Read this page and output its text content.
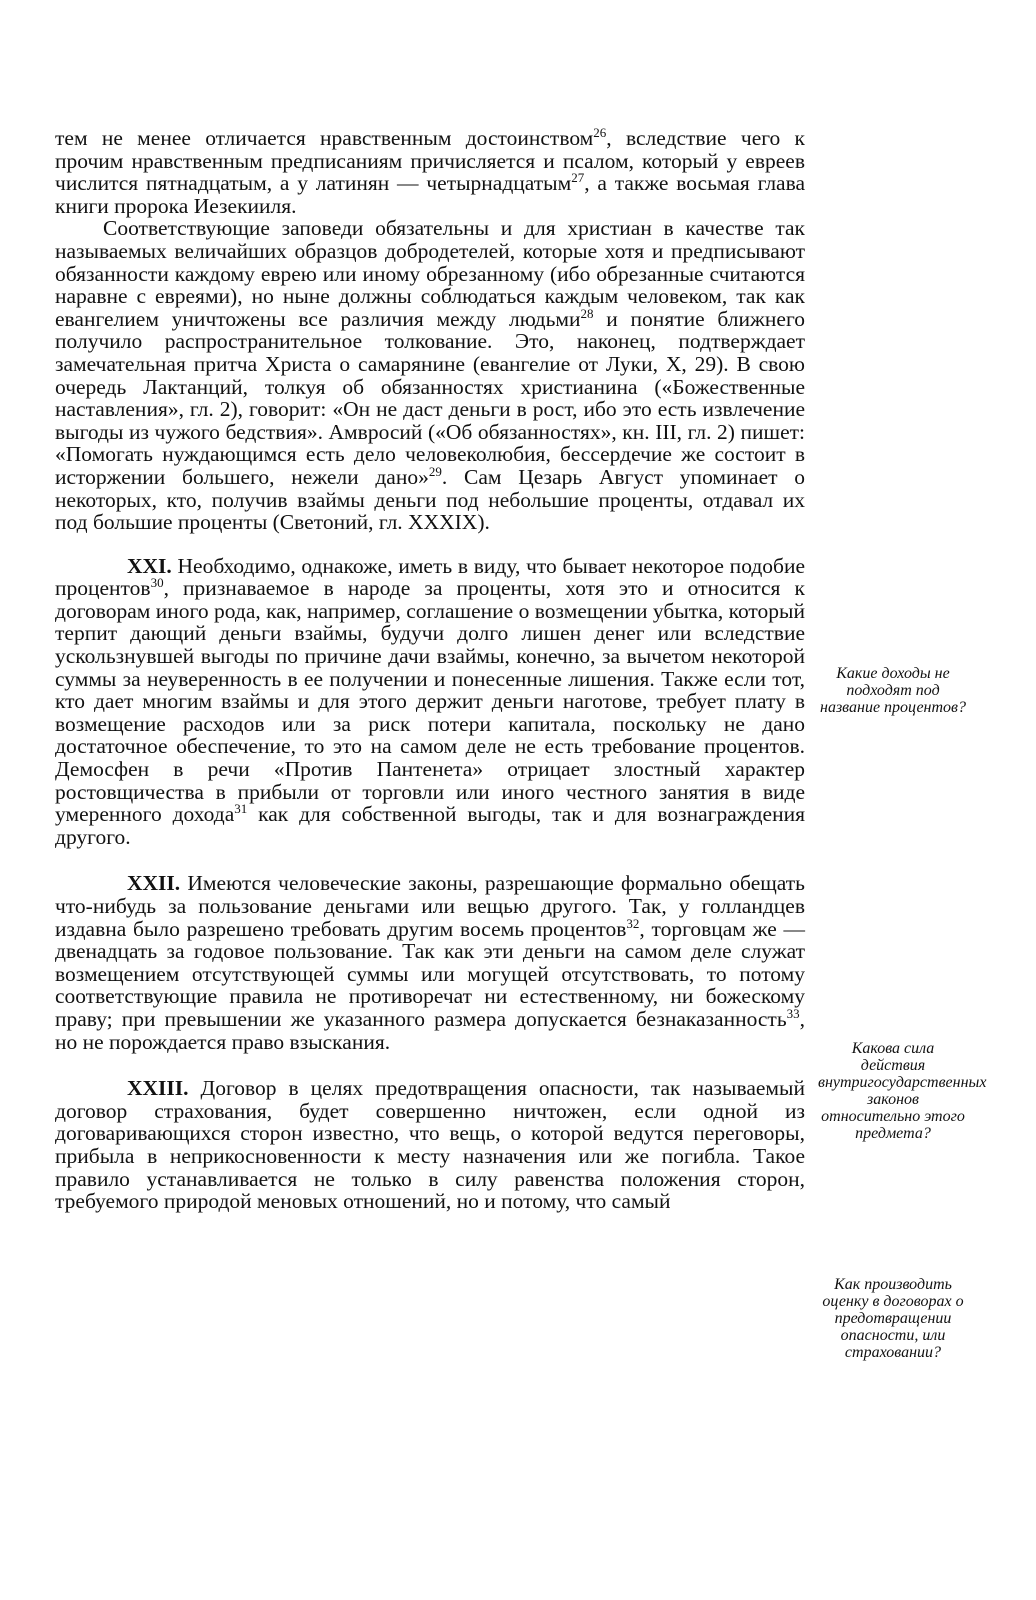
тем не менее отличается нравственным достоинством$^{26}$, вследствие чего к прочим нравственным предписаниям причисляется и псалом, который у евреев числится пятнадцатым, а у латинян — четырнадцатым$^{27}$, а также восьмая глава книги пророка Иезекииля.

Соответствующие заповеди обязательны и для христиан в качестве так называемых величайших образцов добродетелей, которые хотя и предписывают обязанности каждому еврею или иному обрезанному (ибо обрезанные считаются наравне с евреями), но ныне должны соблюдаться каждым человеком, так как евангелием уничтожены все различия между людьми$^{28}$ и понятие ближнего получило распространительное толкование. Это, наконец, подтверждает замечательная притча Христа о самарянине (евангелие от Луки, X, 29). В свою очередь Лактанций, толкуя об обязанностях христианина («Божественные наставления», гл. 2), говорит: «Он не даст деньги в рост, ибо это есть извлечение выгоды из чужого бедствия». Амвросий («Об обязанностях», кн. III, гл. 2) пишет: «Помогать нуждающимся есть дело человеколюбия, бессердечие же состоит в исторжении большего, нежели дано»$^{29}$. Сам Цезарь Август упоминает о некоторых, кто, получив взаймы деньги под небольшие проценты, отдавал их под большие проценты (Светоний, гл. XXXIX).

XXI. Необходимо, однакоже, иметь в виду, что бывает некоторое подобие процентов$^{30}$, признаваемое в народе за проценты, хотя это и относится к договорам иного рода, как, например, соглашение о возмещении убытка, который терпит дающий деньги взаймы, будучи долго лишен денег или вследствие ускользнувшей выгоды по причине дачи взаймы, конечно, за вычетом некоторой суммы за неуверенность в ее получении и понесенные лишения. Также если тот, кто дает многим взаймы и для этого держит деньги наготове, требует плату в возмещение расходов или за риск потери капитала, поскольку не дано достаточное обеспечение, то это на самом деле не есть требование процентов. Демосфен в речи «Против Пантенета» отрицает злостный характер ростовщичества в прибыли от торговли или иного честного занятия в виде умеренного дохода$^{31}$ как для собственной выгоды, так и для вознаграждения другого.

XXII. Имеются человеческие законы, разрешающие формально обещать что-нибудь за пользование деньгами или вещью другого. Так, у голландцев издавна было разрешено требовать другим восемь процентов$^{32}$, торговцам же — двенадцать за годовое пользование. Так как эти деньги на самом деле служат возмещением отсутствующей суммы или могущей отсутствовать, то потому соответствующие правила не противоречат ни естественному, ни божескому праву; при превышении же указанного размера допускается безнаказанность$^{33}$, но не порождается право взыскания.

XXIII. Договор в целях предотвращения опасности, так называемый договор страхования, будет совершенно ничтожен, если одной из договаривающихся сторон известно, что вещь, о которой ведутся переговоры, прибыла в неприкосновенности к месту назначения или же погибла. Такое правило устанавливается не только в силу равенства положения сторон, требуемого природой меновых отношений, но и потому, что самый

Какие доходы не подходят под название процентов?
Какова сила действия внутригосударственных законов относительно этого предмета?
Как производить оценку в договорах о предотвращении опасности, или страховании?
